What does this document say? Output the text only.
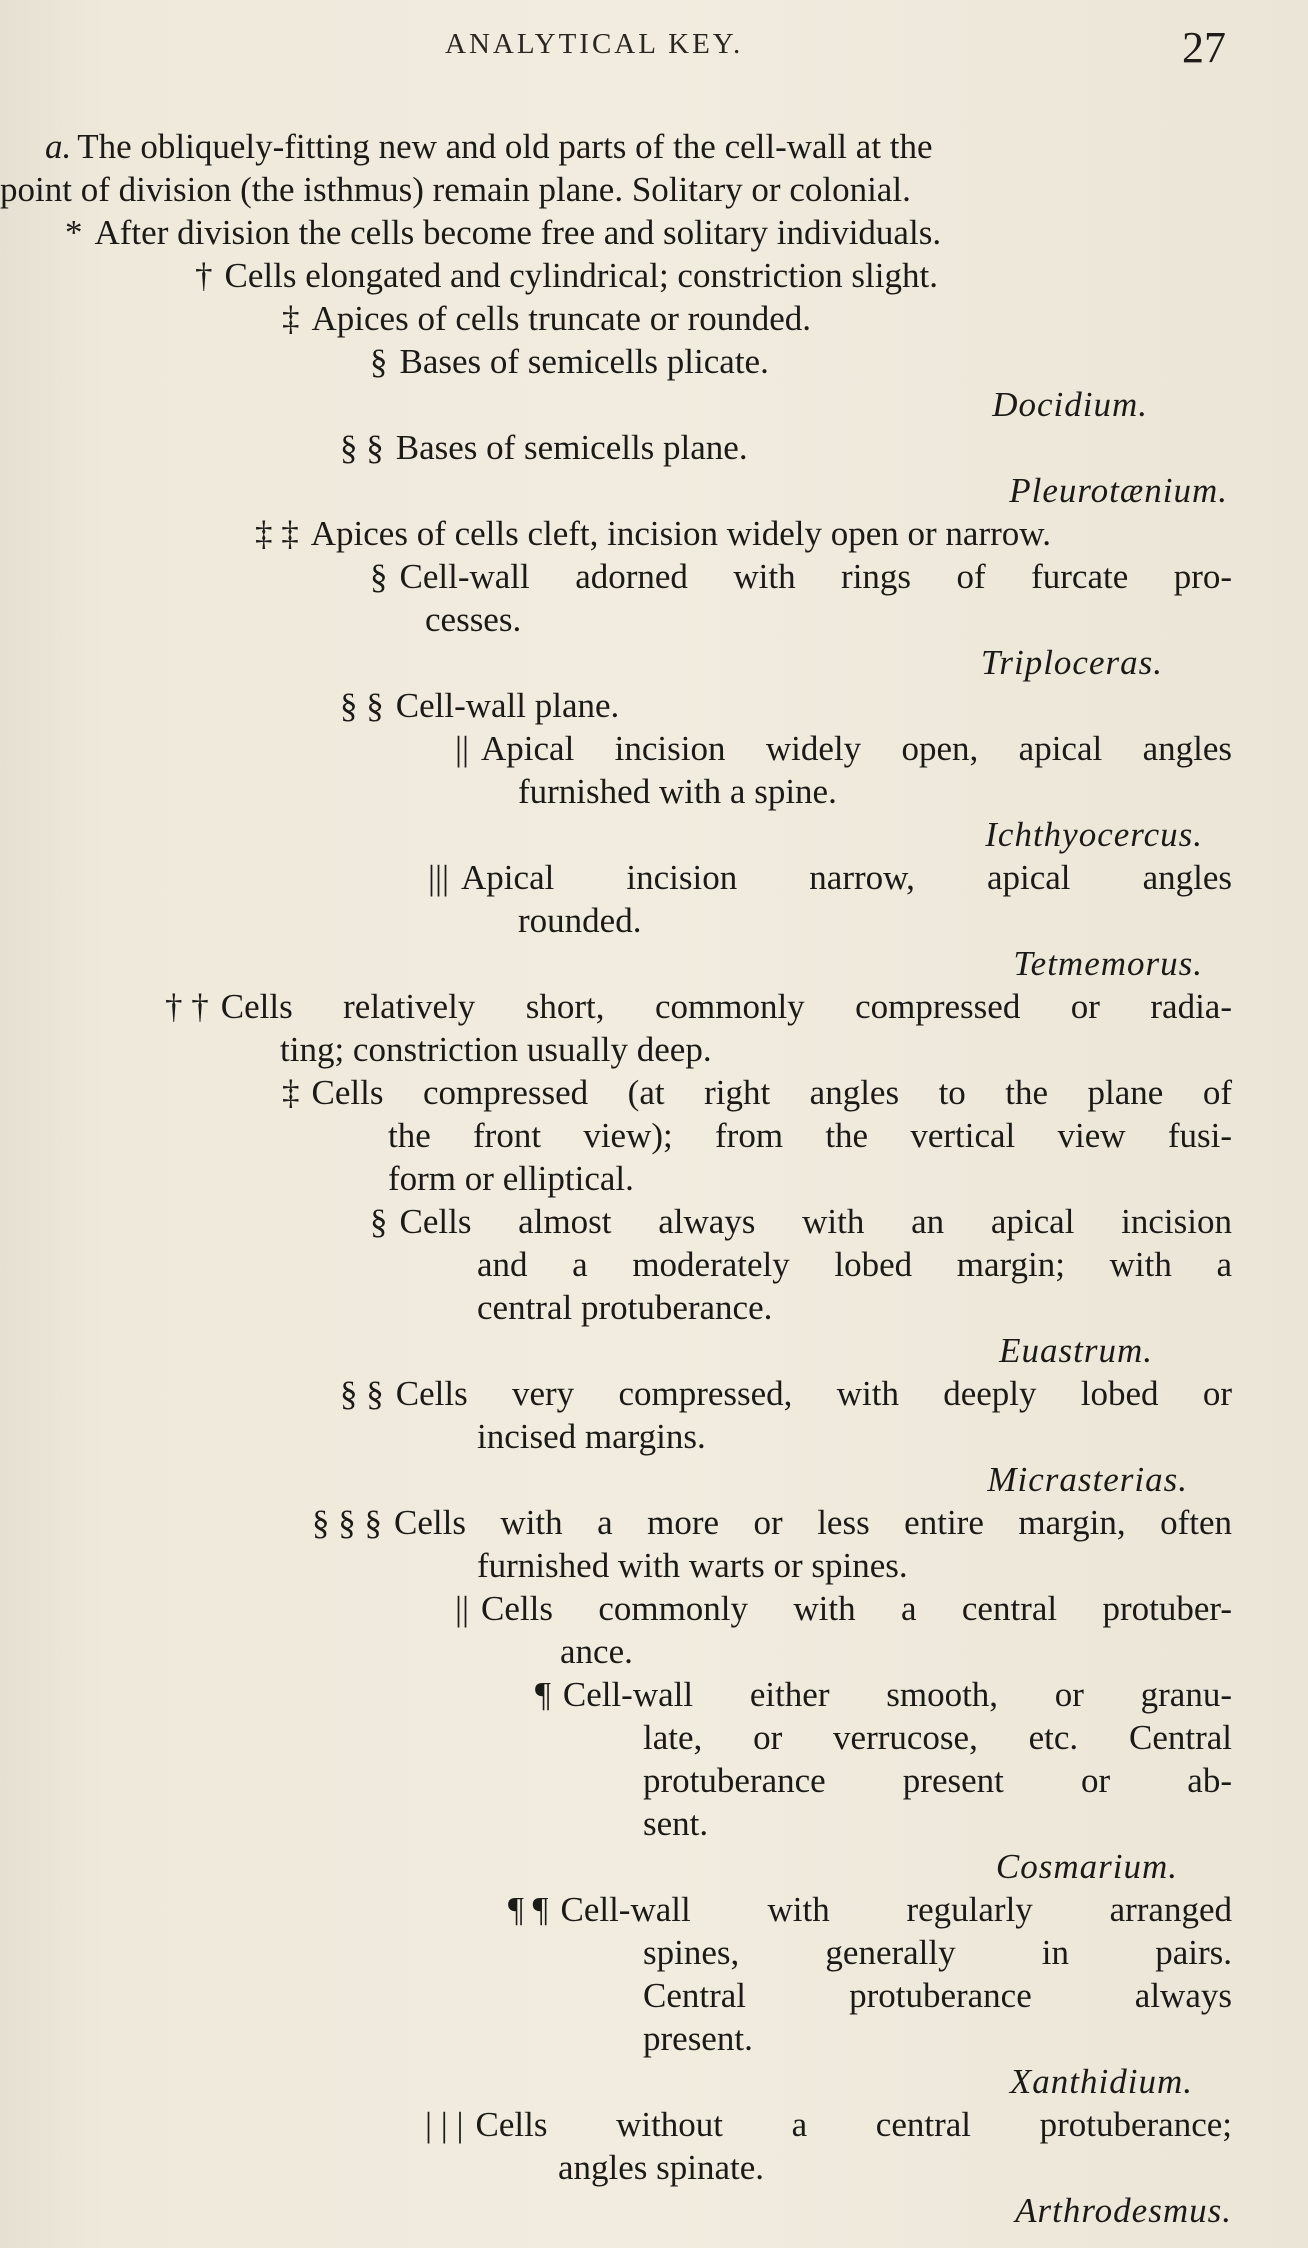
ANALYTICAL KEY.	27
a. The obliquely-fitting new and old parts of the cell-wall at the
point of division (the isthmus) remain plane. Solitary or colonial.
* After division the cells become free and solitary individuals.
† Cells elongated and cylindrical; constriction slight.
‡ Apices of cells truncate or rounded.
§ Bases of semicells plicate.
Docidium.
§ § Bases of semicells plane.
Pleurotænium.
‡ ‡ Apices of cells cleft, incision widely open or narrow.
§ Cell-wall adorned with rings of furcate pro-
cesses.
Triploceras.
§ § Cell-wall plane.
|| Apical incision widely open, apical angles
furnished with a spine.
Ichthyocercus.
||| Apical incision narrow, apical angles
rounded.
Tetmemorus.
† † Cells relatively short, commonly compressed or radia-
ting; constriction usually deep.
‡ Cells compressed (at right angles to the plane of
the front view); from the vertical view fusi-
form or elliptical.
§ Cells almost always with an apical incision
and a moderately lobed margin; with a
central protuberance.
Euastrum.
§ § Cells very compressed, with deeply lobed or
incised margins.
Micrasterias.
§ § § Cells with a more or less entire margin, often
furnished with warts or spines.
|| Cells commonly with a central protuber-
ance.
¶ Cell-wall either smooth, or granu-
late, or verrucose, etc. Central
protuberance present or ab-
sent.
Cosmarium.
¶ ¶ Cell-wall with regularly arranged
spines, generally in pairs.
Central protuberance always
present.
Xanthidium.
| | | Cells without a central protuberance;
angles spinate.
Arthrodesmus.
